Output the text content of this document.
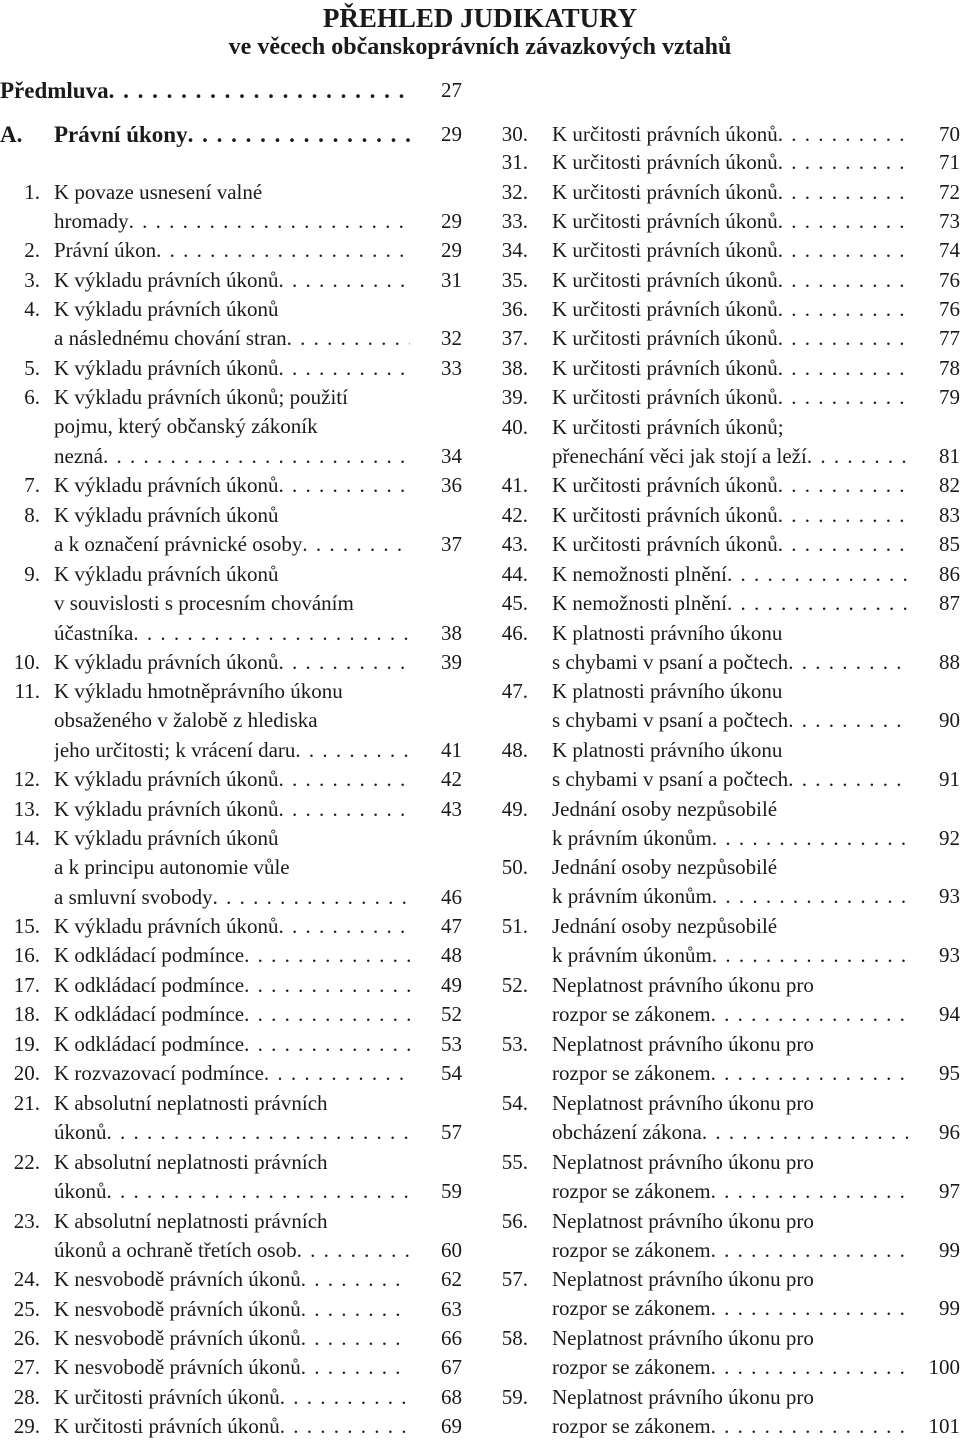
PŘEHLED JUDIKATURY
ve věcech občanskoprávních závazkových vztahů
Předmluva . . .	27
A.	Právní úkony . . .	29
1. K povaze usnesení valné
hromady . . .	29
2. Právní úkon . . .	29
3. K výkladu právních úkonů . . .	31
4. K výkladu právních úkonů
a následnému chování stran . . .	32
5. K výkladu právních úkonů . . .	33
6. K výkladu právních úkonů; použití
pojmu, který občanský zákoník
nezná . . .	34
7. K výkladu právních úkonů . . .	36
8. K výkladu právních úkonů
a k označení právnické osoby . . .	37
9. K výkladu právních úkonů
v souvislosti s procesním chováním
účastníka . . .	38
10. K výkladu právních úkonů . . .	39
11. K výkladu hmotněprávního úkonu
obsaženého v žalobě z hlediska
jeho určitosti; k vrácení daru . . .	41
12. K výkladu právních úkonů . . .	42
13. K výkladu právních úkonů . . .	43
14. K výkladu právních úkonů
a k principu autonomie vůle
a smluvní svobody . . .	46
15. K výkladu právních úkonů . . .	47
16. K odkládací podmínce . . .	48
17. K odkládací podmínce . . .	49
18. K odkládací podmínce . . .	52
19. K odkládací podmínce . . .	53
20. K rozvazovací podmínce . . .	54
21. K absolutní neplatnosti právních
úkonů . . .	57
22. K absolutní neplatnosti právních
úkonů . . .	59
23. K absolutní neplatnosti právních
úkonů a ochraně třetích osob . . .	60
24. K nesvobodě právních úkonů . . .	62
25. K nesvobodě právních úkonů . . .	63
26. K nesvobodě právních úkonů . . .	66
27. K nesvobodě právních úkonů . . .	67
28. K určitosti právních úkonů . . .	68
29. K určitosti právních úkonů . . .	69
30. K určitosti právních úkonů . . .	70
31. K určitosti právních úkonů . . .	71
32. K určitosti právních úkonů . . .	72
33. K určitosti právních úkonů . . .	73
34. K určitosti právních úkonů . . .	74
35. K určitosti právních úkonů . . .	76
36. K určitosti právních úkonů . . .	76
37. K určitosti právních úkonů . . .	77
38. K určitosti právních úkonů . . .	78
39. K určitosti právních úkonů . . .	79
40. K určitosti právních úkonů;
přenechání věci jak stojí a leží . . .	81
41. K určitosti právních úkonů . . .	82
42. K určitosti právních úkonů . . .	83
43. K určitosti právních úkonů . . .	85
44. K nemožnosti plnění . . .	86
45. K nemožnosti plnění . . .	87
46. K platnosti právního úkonu
s chybami v psaní a počtech . . .	88
47. K platnosti právního úkonu
s chybami v psaní a počtech . . .	90
48. K platnosti právního úkonu
s chybami v psaní a počtech . . .	91
49. Jednání osoby nezpůsobilé
k právním úkonům . . .	92
50. Jednání osoby nezpůsobilé
k právním úkonům . . .	93
51. Jednání osoby nezpůsobilé
k právním úkonům . . .	93
52. Neplatnost právního úkonu pro
rozpor se zákonem . . .	94
53. Neplatnost právního úkonu pro
rozpor se zákonem . . .	95
54. Neplatnost právního úkonu pro
obcházení zákona . . .	96
55. Neplatnost právního úkonu pro
rozpor se zákonem . . .	97
56. Neplatnost právního úkonu pro
rozpor se zákonem . . .	99
57. Neplatnost právního úkonu pro
rozpor se zákonem . . .	99
58. Neplatnost právního úkonu pro
rozpor se zákonem . . .	100
59. Neplatnost právního úkonu pro
rozpor se zákonem . . .	101
